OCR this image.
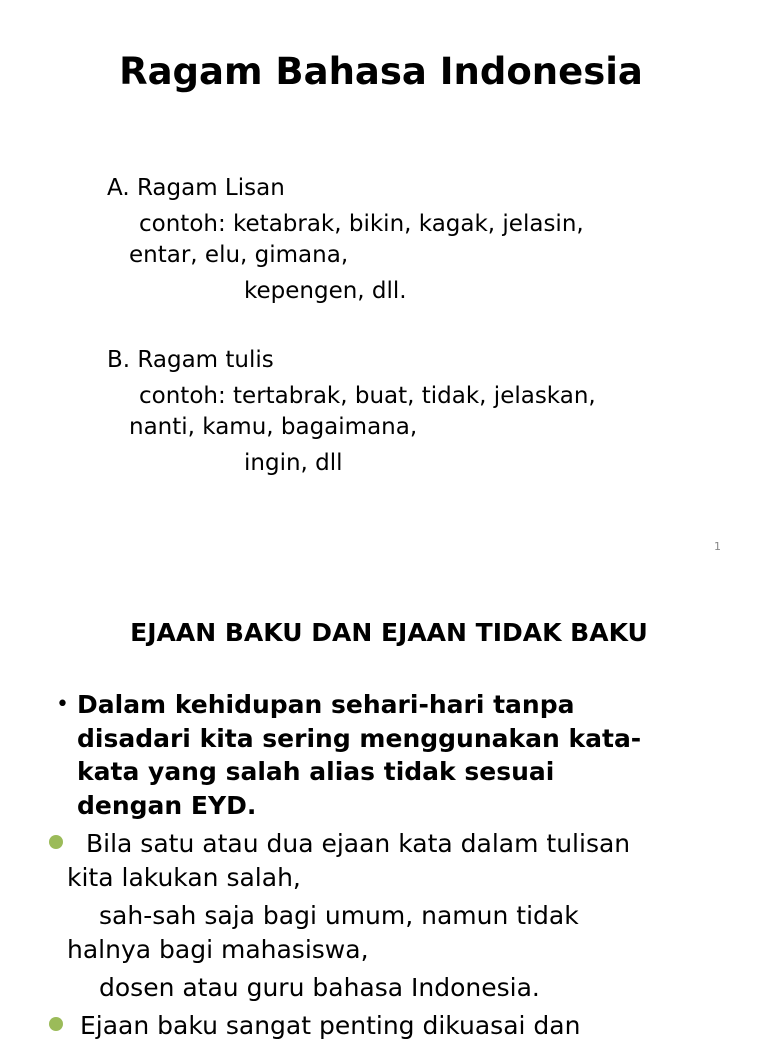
Ragam Bahasa Indonesia
A. Ragam Lisan
contoh: ketabrak, bikin, kagak, jelasin,
entar, elu, gimana,
kepengen, dll.
B. Ragam tulis
contoh: tertabrak, buat, tidak, jelaskan,
nanti, kamu, bagaimana,
ingin, dll
1
EJAAN BAKU DAN EJAAN TIDAK BAKU
• Dalam kehidupan sehari-hari tanpa
disadari kita sering menggunakan kata-
kata yang salah alias tidak sesuai
dengan EYD.
Bila satu atau dua ejaan kata dalam tulisan
kita lakukan salah,
sah-sah saja bagi umum, namun tidak
halnya bagi mahasiswa,
dosen atau guru bahasa Indonesia.
Ejaan baku sangat penting dikuasai dan
